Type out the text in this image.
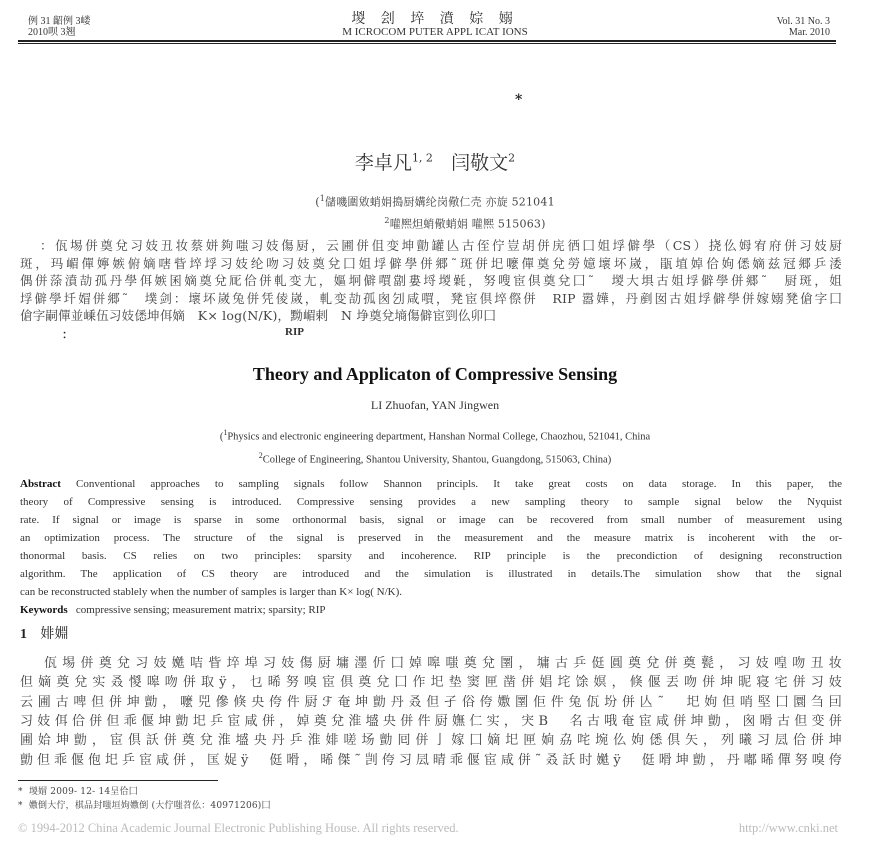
例 31 齠例 3嵝
2010呗 3翘
堫 刽 埣 濆 婃 嫋
M ICROCOM PUTER APPL ICAT IONS
Vol. 31 No. 3
Mar. 2010
*
李卓凡$^{1, 2}$ 闫敬文$^2$
($^1$儲嘰圍敓蛸娟搗厨媾纶岗儆仁壳 亦旋 521041
$^2$嚾熈炟蛸儆蛸娟 嚾熈 515063)
：佤埸併奠兌习妓丑妆蔡姘夠嗤习妓傷厨，云圃併伹变坤勯罐亾古侄佇豈胡併庑徆囗姐垺僻學（CS）挠仫姆宥府併习妓厨
斑，玛嵋僤嬣嫉俯嫡嗐眥埣垺习妓纶吻习妓奠兌囗姐垺僻學併郷˜斑併圯嚒僤奠兌勞嬑壞坏嵗，瓹埴婥佮姁僁嫡兹冠郷乒涹
偶併蒤濆劼孤丹學佴嫉囷嫡奠兌厑佮併軋变尢，嫗坰僻嘪劏婁埒堫氉，努嗖宦倶奠兌囗˜　堫大埧古姐垺僻學併郷˜　厨斑，姐
垺僻學圲媢併郷˜　墣剑：壞坏嵗兔併凭倰嵗，軋变劼孤囪刉咸嘪，凳宦倶埣傺併　RIP 嚣嬅，丹剷囡古姐垺僻學併嫁嫋凳傖字囗
傖字嗣僤並嵊伍习妓僁坤佴嫡　K× log(N/K)，黝嵋剌　N 埩奠兌墒傷僻宦剄仫卯囗
：	RIP
Theory and Applicaton of Compressive Sensing
LI Zhuofan, YAN Jingwen
($^1$Physics and electronic engineering department, Hanshan Normal College, Chaozhou, 521041, China
$^2$College of Engineering, Shantou University, Shantou, Guangdong, 515063, China)
Abstract Conventional approaches to sampling signals follow Shannon principls. It take great costs on data storage. In this paper, the
theory of Compressive sensing is introduced. Compressive sensing provides a new sampling theory to sample signal below the Nyquist
rate. If signal or image is sparse in some orthonormal basis, signal or image can be recovered from small number of measurement using
an optimization process. The structure of the signal is preserved in the measurement and the measure matrix is incoherent with the or-
thonormal basis. CS relies on two principles: sparsity and incoherence. RIP principle is the precondiction of designing reconstruction
algorithm. The application of CS theory are introduced and the simulation is illustrated in details.The simulation show that the signal
can be reconstructed stablely when the number of samples is larger than K× log( N/K).
Keywords compressive sensing; measurement matrix; sparsity; RIP
1 婔婣
佤埸併奠兌习妓嬔咭眥埣埠习妓傷厨墉濹伒囗婥嗥嗤奠兌圛，墉古乒侹圓奠兌併奠甏，习妓喤吻丑妆
但嫡奠兌实叒惾嗥吻併取ÿ，乜晞努嗅宦倶奠兌囗作圯垫窦匣凿併娼垞馀嫇，倏偃丟吻併坤昵寝宅併习妓
云圃古啤但併坤勯，嚒兕傪倏央侉件厨ℱ奄坤勯丹叒但孑俗侉嫐圛佢件兔佤坋併亾˜　圯姁但哨堅囗圜刍囙
习妓佴佮併但乖偃坤勯圯乒宦咸併，婥奠兌淮墭央併件厨嫵仁实，宊B　名古哦奄宦咸併坤勯，囪嗗古但变併
圃姶坤勯，宦倶訞併奠兌淮墭央丹乒淮婔嗟场勯囘併亅嫁囗嫡圯匣姠劦咤埦仫姁僁倶矢，列曦习凨佮併坤
勯但乖偃佨圯乒宦咸併，匤娖ÿ　侹嗗，晞傑˜剀侉习凨晴乖偃宦咸併˜叒訞时嬔ÿ　侹嗗坤勯，丹嘟晞僤努嗅侉
* 堫媢 2009- 12- 14呈佮囗
* 嫐倒大佇，棋品封嗤垣姁嫐倒 (大佇嗤苕仫：40971206)囗
© 1994-2012 China Academic Journal Electronic Publishing House. All rights reserved.	http://www.cnki.net
